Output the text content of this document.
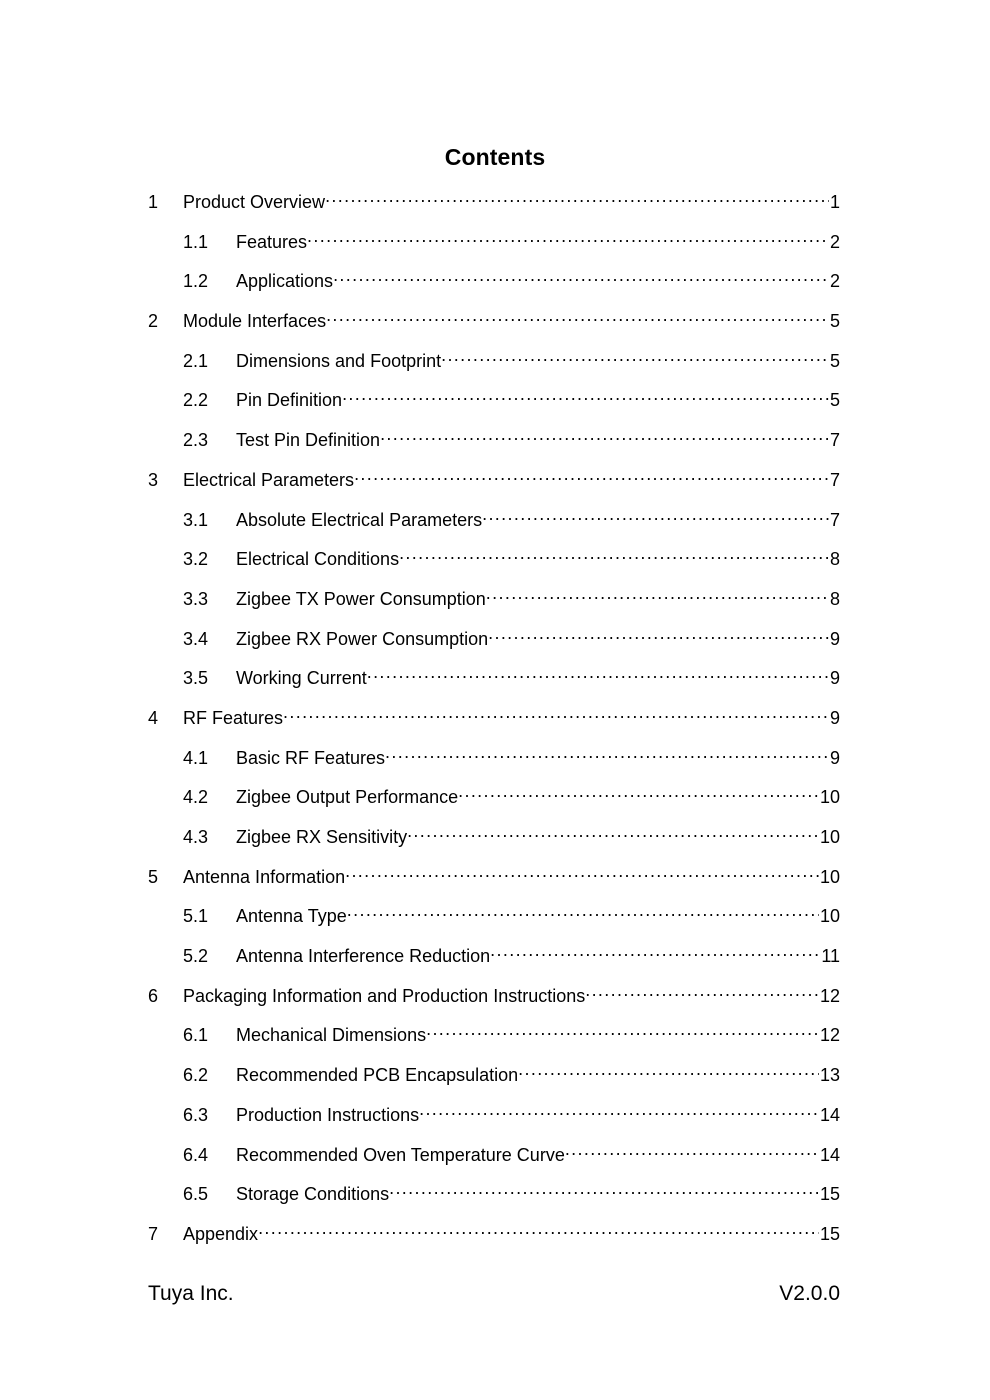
Contents
1	Product Overview .....	1
1.1	Features .....	2
1.2	Applications .....	2
2	Module Interfaces .....	5
2.1	Dimensions and Footprint .....	5
2.2	Pin Definition .....	5
2.3	Test Pin Definition .....	7
3	Electrical Parameters .....	7
3.1	Absolute Electrical Parameters .....	7
3.2	Electrical Conditions .....	8
3.3	Zigbee TX Power Consumption .....	8
3.4	Zigbee RX Power Consumption .....	9
3.5	Working Current .....	9
4	RF Features .....	9
4.1	Basic RF Features .....	9
4.2	Zigbee Output Performance .....	10
4.3	Zigbee RX Sensitivity .....	10
5	Antenna Information .....	10
5.1	Antenna Type .....	10
5.2	Antenna Interference Reduction .....	11
6	Packaging Information and Production Instructions .....	12
6.1	Mechanical Dimensions .....	12
6.2	Recommended PCB Encapsulation .....	13
6.3	Production Instructions .....	14
6.4	Recommended Oven Temperature Curve .....	14
6.5	Storage Conditions .....	15
7	Appendix .....	15
Tuya Inc.	V2.0.0
